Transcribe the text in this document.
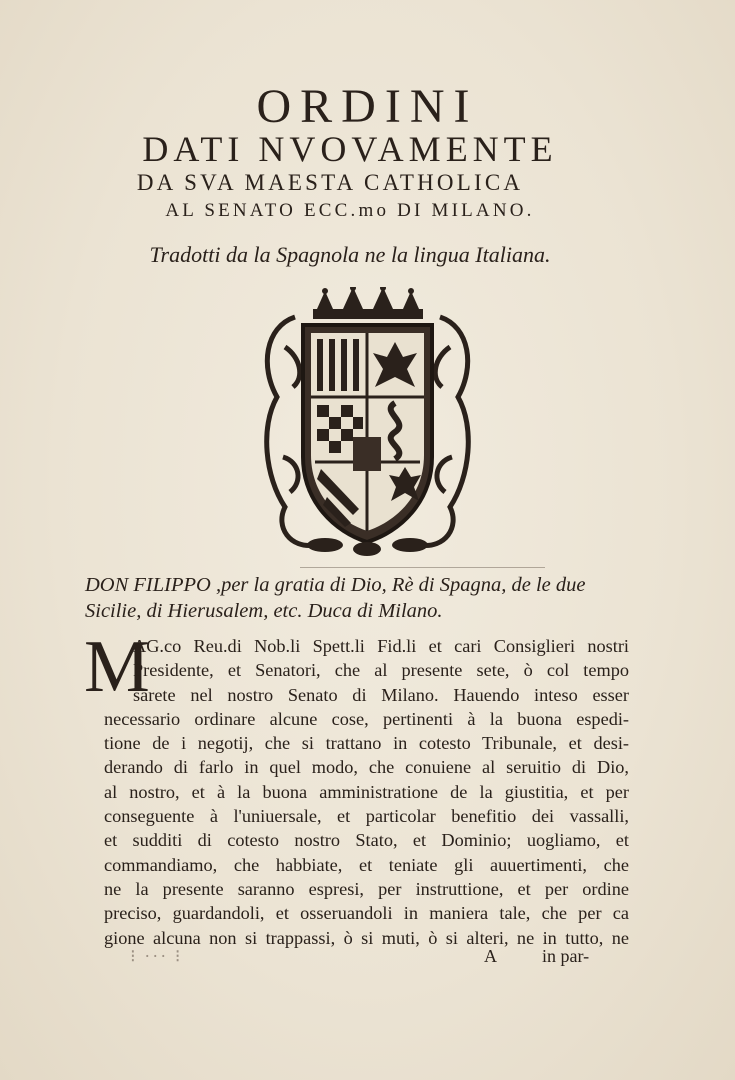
ORDINI
DATI NVOVAMENTE
DA SVA MAESTA CATHOLICA
AL SENATO ECC.mo DI MILANO.
Tradotti da la Spagnola ne la lingua Italiana.
DON FILIPPO ,per la gratia di Dio, Rè di Spagna, de le due
Sicilie, di Hierusalem, etc. Duca di Milano.
M
AG.co Reu.di Nob.li Spett.li Fid.li et cari Consiglieri nostri
Presidente, et Senatori, che al presente sete, ò col tempo
sarete nel nostro Senato di Milano. Hauendo inteso esser
necessario ordinare alcune cose, pertinenti à la buona espedi-
tione de i negotij, che si trattano in cotesto Tribunale, et desi-
derando di farlo in quel modo, che conuiene al seruitio di Dio,
al nostro, et à la buona amministratione de la giustitia, et per
conseguente à l'uniuersale, et particolar benefitio dei vassalli,
et sudditi di cotesto nostro Stato, et Dominio; uogliamo, et
commandiamo, che habbiate, et teniate gli auuertimenti, che
ne la presente saranno espresi, per instruttione, et per ordine
preciso, guardandoli, et osseruandoli in maniera tale, che per ca
gione alcuna non si trappassi, ò si muti, ò si alteri, ne in tutto, ne
⁝ ··· ⁝	A	in par-
